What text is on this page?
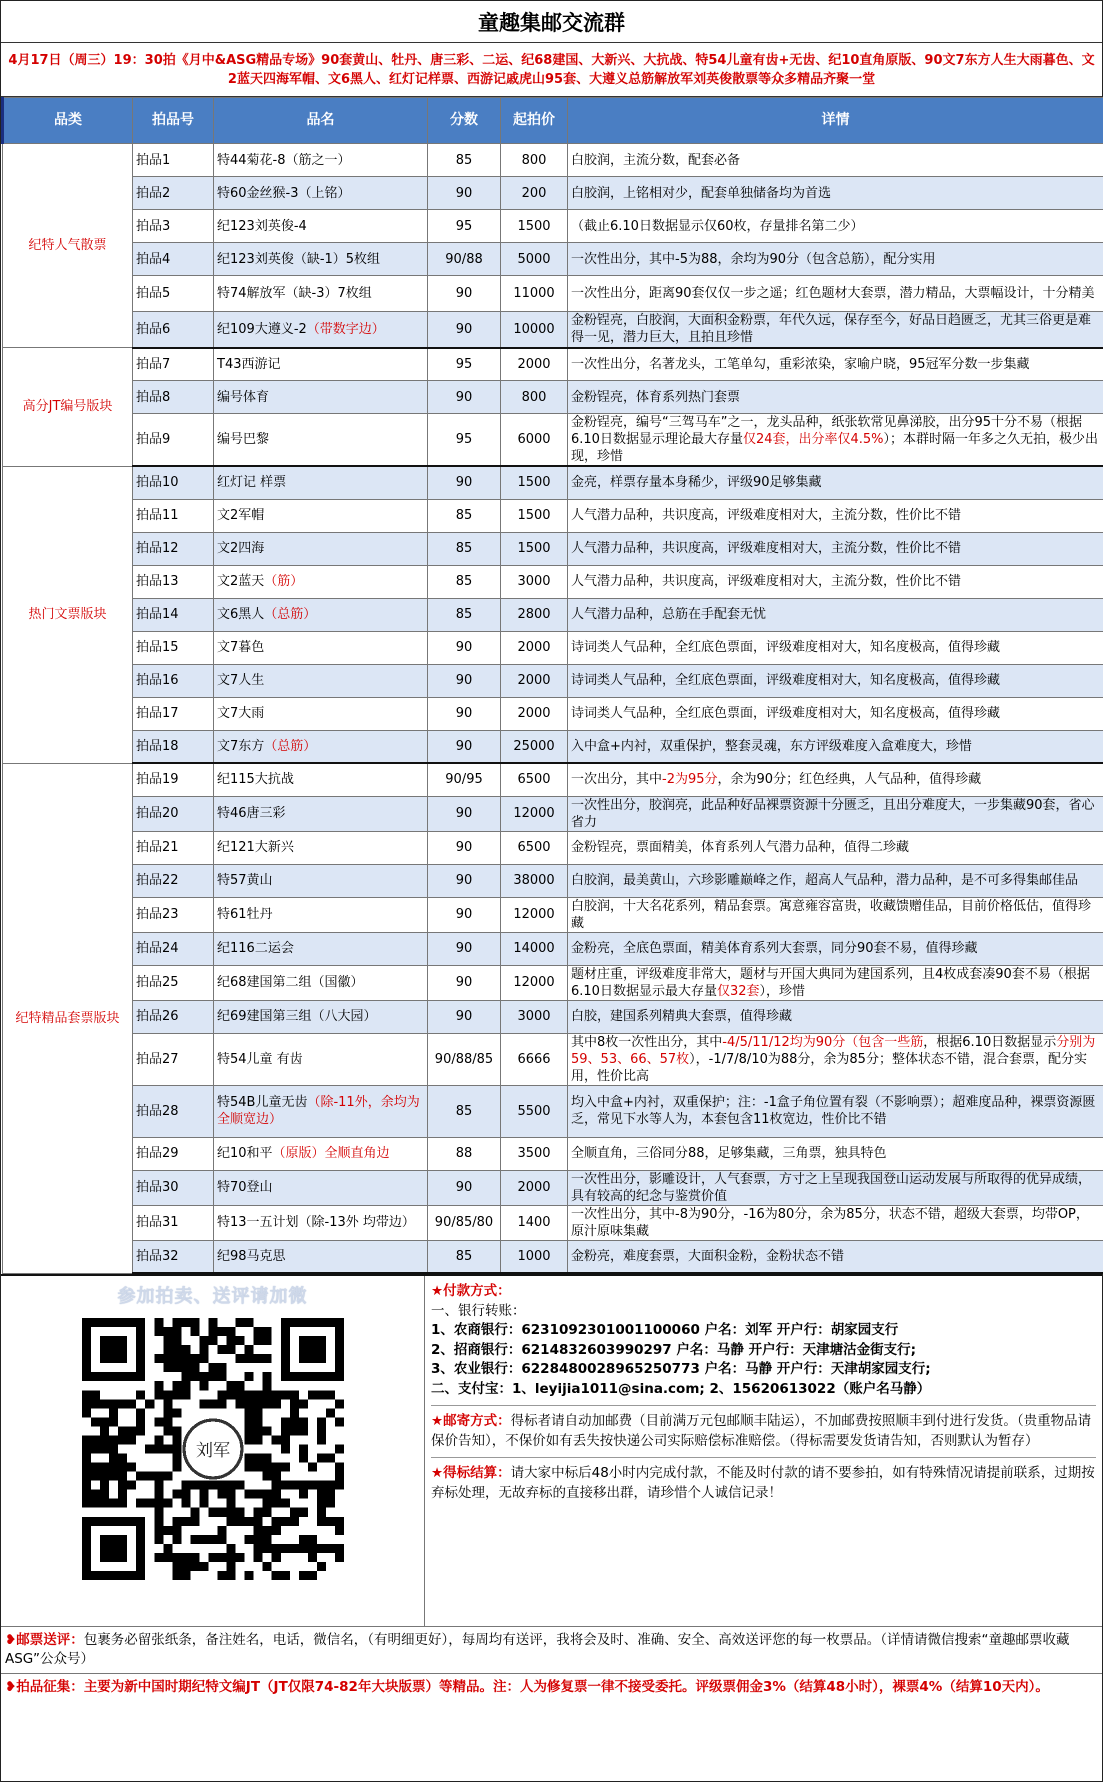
童趣集邮交流群
4月17日（周三）19：30拍《月中&ASG精品专场》90套黄山、牡丹、唐三彩、二运、纪68建国、大新兴、大抗战、特54儿童有齿+无齿、纪10直角原版、90文7东方人生大雨暮色、文2蓝天四海军帽、文6黑人、红灯记样票、西游记戚虎山95套、大遵义总筋解放军刘英俊散票等众多精品齐聚一堂
品类	拍品号	品名	分数	起拍价	详情
纪特人气散票	拍品1	特44菊花-8（筋之一）	85	800	白胶润，主流分数，配套必备
	拍品2	特60金丝猴-3（上铭）	90	200	白胶润，上铭相对少，配套单独储备均为首选
	拍品3	纪123刘英俊-4	95	1500	（截止6.10日数据显示仅60枚，存量排名第二少）
	拍品4	纪123刘英俊（缺-1）5枚组	90/88	5000	一次性出分，其中-5为88，余均为90分（包含总筋），配分实用
	拍品5	特74解放军（缺-3）7枚组	90	11000	一次性出分，距离90套仅仅一步之遥；红色题材大套票，潜力精品，大票幅设计，十分精美
	拍品6	纪109大遵义-2（带数字边）	90	10000	金粉锃亮，白胶润，大面积金粉票，年代久远，保存至今，好品日趋匮乏，尤其三俗更是难得一见，潜力巨大，且拍且珍惜
高分JT编号版块	拍品7	T43西游记	95	2000	一次性出分，名著龙头，工笔单勾，重彩浓染，家喻户晓，95冠军分数一步集藏
	拍品8	编号体育	90	800	金粉锃亮，体育系列热门套票
	拍品9	编号巴黎	95	6000	金粉锃亮，编号“三驾马车”之一，龙头品种，纸张软常见鼻涕胶，出分95十分不易（根据6.10日数据显示理论最大存量仅24套，出分率仅4.5%）；本群时隔一年多之久无拍，极少出现，珍惜
热门文票版块	拍品10	红灯记 样票	90	1500	金亮，样票存量本身稀少，评级90足够集藏
	拍品11	文2军帽	85	1500	人气潜力品种，共识度高，评级难度相对大，主流分数，性价比不错
	拍品12	文2四海	85	1500	人气潜力品种，共识度高，评级难度相对大，主流分数，性价比不错
	拍品13	文2蓝天（筋）	85	3000	人气潜力品种，共识度高，评级难度相对大，主流分数，性价比不错
	拍品14	文6黑人（总筋）	85	2800	人气潜力品种，总筋在手配套无忧
	拍品15	文7暮色	90	2000	诗词类人气品种，全红底色票面，评级难度相对大，知名度极高，值得珍藏
	拍品16	文7人生	90	2000	诗词类人气品种，全红底色票面，评级难度相对大，知名度极高，值得珍藏
	拍品17	文7大雨	90	2000	诗词类人气品种，全红底色票面，评级难度相对大，知名度极高，值得珍藏
	拍品18	文7东方（总筋）	90	25000	入中盒+内衬，双重保护，整套灵魂，东方评级难度入盒难度大，珍惜
纪特精品套票版块	拍品19	纪115大抗战	90/95	6500	一次出分，其中-2为95分，余为90分；红色经典，人气品种，值得珍藏
	拍品20	特46唐三彩	90	12000	一次性出分，胶润亮，此品种好品裸票资源十分匮乏，且出分难度大，一步集藏90套，省心省力
	拍品21	纪121大新兴	90	6500	金粉锃亮，票面精美，体育系列人气潜力品种，值得二珍藏
	拍品22	特57黄山	90	38000	白胶润，最美黄山，六珍影雕巅峰之作，超高人气品种，潜力品种，是不可多得集邮佳品
	拍品23	特61牡丹	90	12000	白胶润，十大名花系列，精品套票。寓意雍容富贵，收藏馈赠佳品，目前价格低估，值得珍藏
	拍品24	纪116二运会	90	14000	金粉亮，全底色票面，精美体育系列大套票，同分90套不易，值得珍藏
	拍品25	纪68建国第二组（国徽）	90	12000	题材庄重，评级难度非常大，题材与开国大典同为建国系列，且4枚成套凑90套不易（根据6.10日数据显示最大存量仅32套），珍惜
	拍品26	纪69建国第三组（八大园）	90	3000	白胶，建国系列精典大套票，值得珍藏
	拍品27	特54儿童 有齿	90/88/85	6666	其中8枚一次性出分，其中-4/5/11/12均为90分（包含一些筋，根据6.10日数据显示分别为59、53、66、57枚），-1/7/8/10为88分，余为85分；整体状态不错，混合套票，配分实用，性价比高
	拍品28	特54B儿童无齿（除-11外，余均为全顺宽边）	85	5500	均入中盒+内衬，双重保护；注：-1盒子角位置有裂（不影响票）；超难度品种，裸票资源匮乏，常见下水等人为，本套包含11枚宽边，性价比不错
	拍品29	纪10和平（原版）全顺直角边	88	3500	全顺直角，三俗同分88，足够集藏，三角票，独具特色
	拍品30	特70登山	90	2000	一次性出分，影雕设计，人气套票，方寸之上呈现我国登山运动发展与所取得的优异成绩，具有较高的纪念与鉴赏价值
	拍品31	特13一五计划（除-13外 均带边）	90/85/80	1400	一次性出分，其中-8为90分，-16为80分，余为85分，状态不错，超级大套票，均带OP，原汁原味集藏
	拍品32	纪98马克思	85	1000	金粉亮，难度套票，大面积金粉，金粉状态不错
参加拍卖、送评请加微
刘军
★付款方式：
一、银行转账：
1、农商银行：6231092301001100060 户名：刘军 开户行：胡家园支行
2、招商银行：6214832603990297 户名：马静 开户行：天津塘沽金街支行;
3、农业银行：6228480028965250773 户名：马静 开户行：天津胡家园支行;
二、支付宝：1、leyijia1011@sina.com; 2、15620613022（账户名马静）
★邮寄方式：得标者请自动加邮费（目前满万元包邮顺丰陆运），不加邮费按照顺丰到付进行发货。（贵重物品请保价告知），不保价如有丢失按快递公司实际赔偿标准赔偿。（得标需要发货请告知，否则默认为暂存）
★得标结算：请大家中标后48小时内完成付款，不能及时付款的请不要参拍，如有特殊情况请提前联系，过期按弃标处理，无故弃标的直接移出群，请珍惜个人诚信记录！
❥邮票送评：包裹务必留张纸条，备注姓名，电话，微信名，（有明细更好），每周均有送评，我将会及时、准确、安全、高效送评您的每一枚票品。（详情请微信搜索“童趣邮票收藏ASG”公众号）
❥拍品征集：主要为新中国时期纪特文编JT（JT仅限74-82年大块版票）等精品。注：人为修复票一律不接受委托。评级票佣金3%（结算48小时），裸票4%（结算10天内）。
